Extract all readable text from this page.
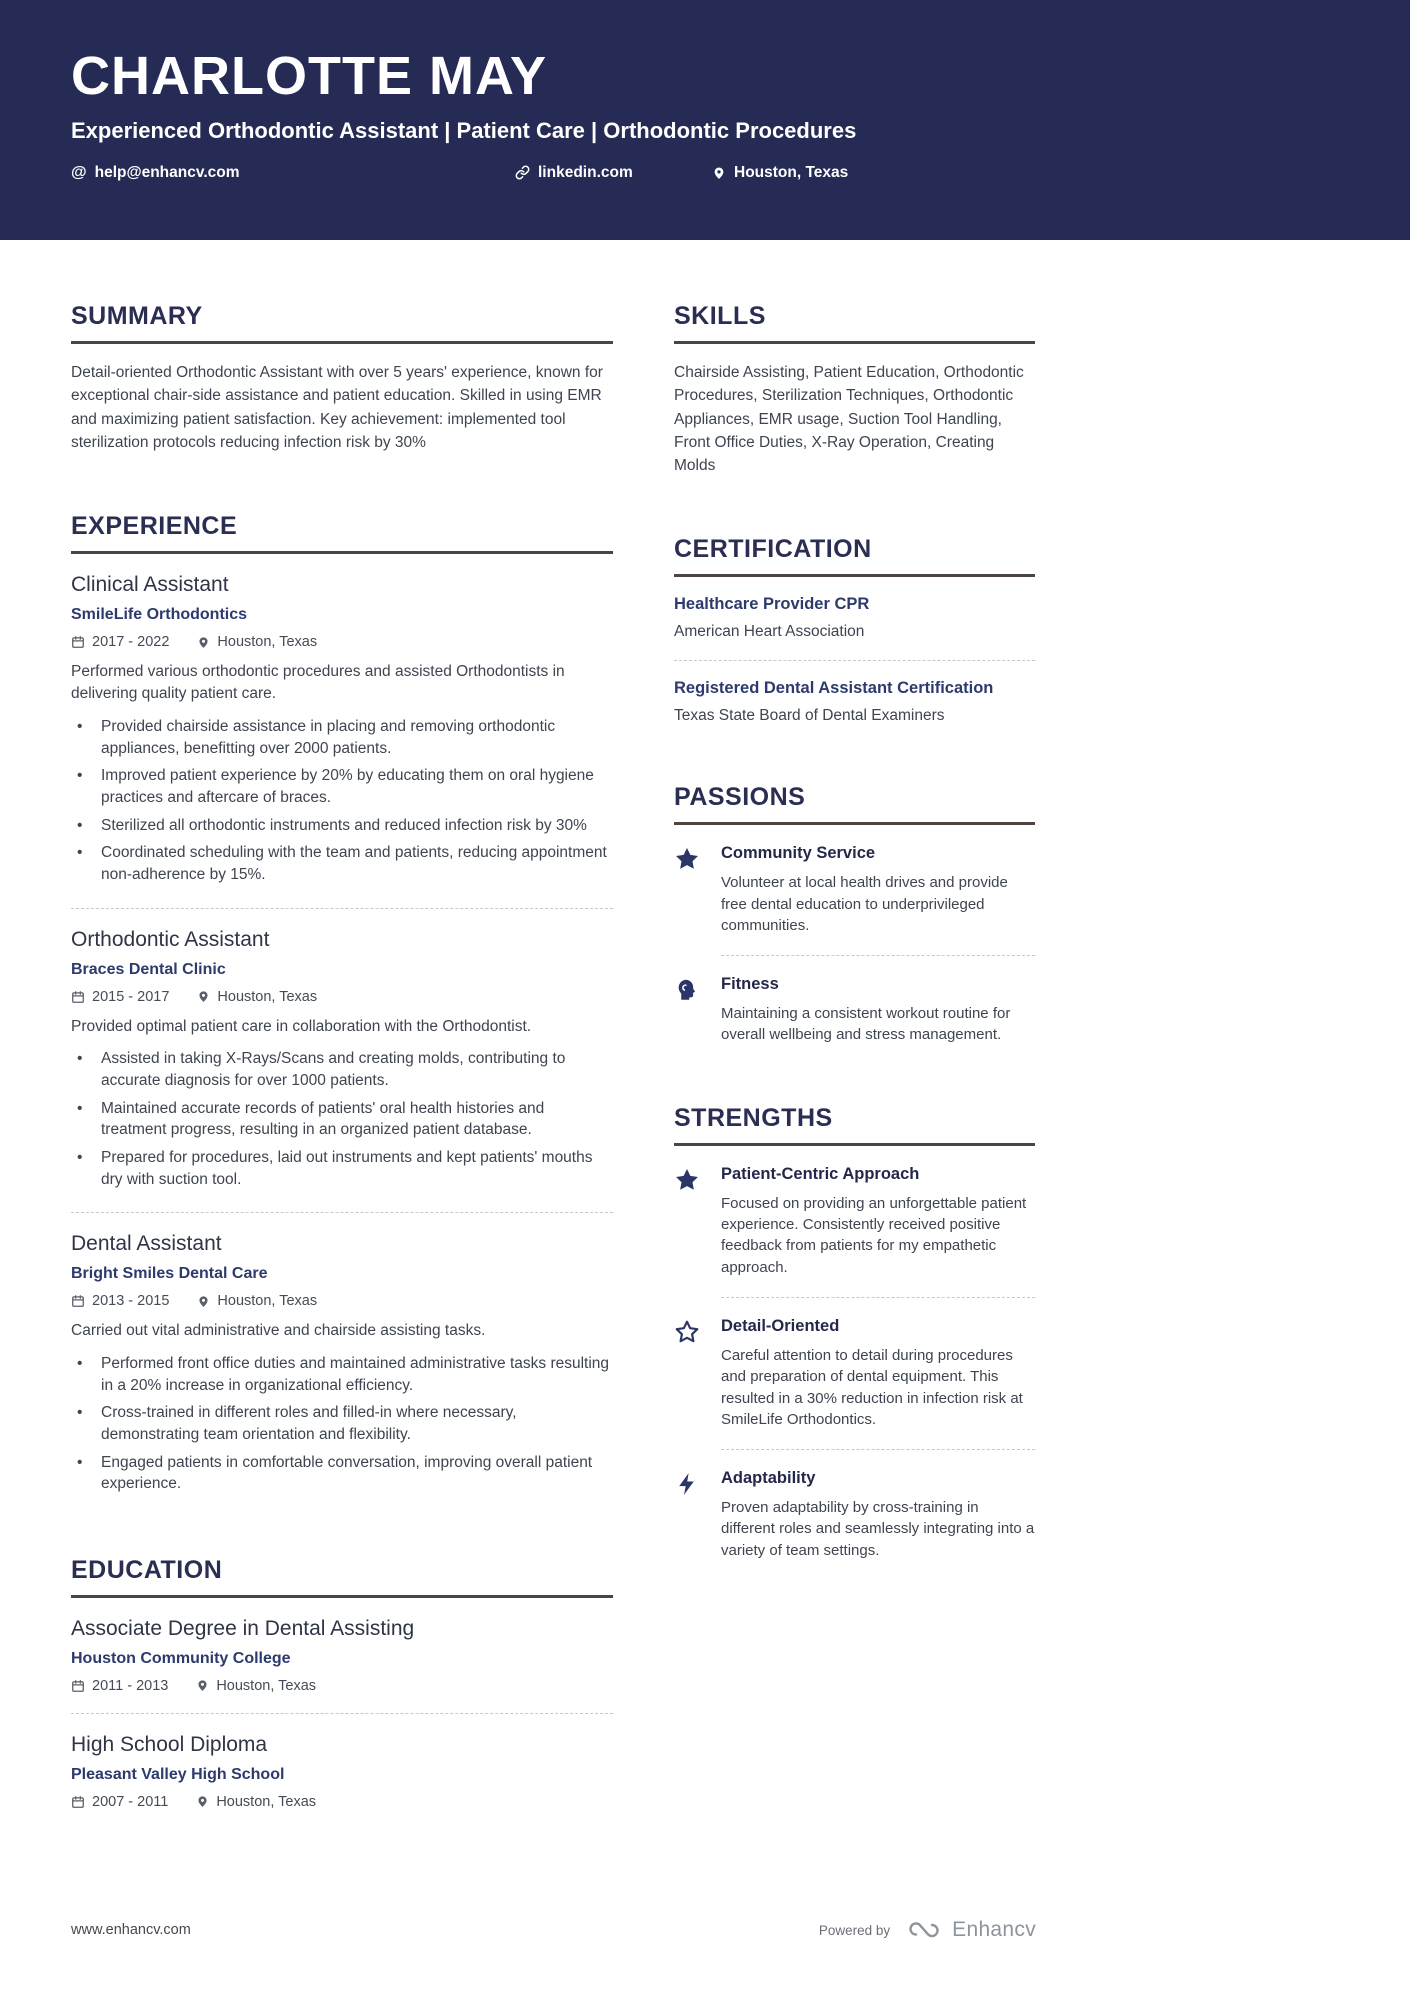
CHARLOTTE MAY
Experienced Orthodontic Assistant | Patient Care | Orthodontic Procedures
@ help@enhancv.com	linkedin.com	Houston, Texas
SUMMARY
Detail-oriented Orthodontic Assistant with over 5 years' experience, known for exceptional chair-side assistance and patient education. Skilled in using EMR and maximizing patient satisfaction. Key achievement: implemented tool sterilization protocols reducing infection risk by 30%
EXPERIENCE
Clinical Assistant
SmileLife Orthodontics
2017 - 2022	Houston, Texas
Performed various orthodontic procedures and assisted Orthodontists in delivering quality patient care.
• Provided chairside assistance in placing and removing orthodontic appliances, benefitting over 2000 patients.
• Improved patient experience by 20% by educating them on oral hygiene practices and aftercare of braces.
• Sterilized all orthodontic instruments and reduced infection risk by 30%
• Coordinated scheduling with the team and patients, reducing appointment non-adherence by 15%.
Orthodontic Assistant
Braces Dental Clinic
2015 - 2017	Houston, Texas
Provided optimal patient care in collaboration with the Orthodontist.
• Assisted in taking X-Rays/Scans and creating molds, contributing to accurate diagnosis for over 1000 patients.
• Maintained accurate records of patients' oral health histories and treatment progress, resulting in an organized patient database.
• Prepared for procedures, laid out instruments and kept patients' mouths dry with suction tool.
Dental Assistant
Bright Smiles Dental Care
2013 - 2015	Houston, Texas
Carried out vital administrative and chairside assisting tasks.
• Performed front office duties and maintained administrative tasks resulting in a 20% increase in organizational efficiency.
• Cross-trained in different roles and filled-in where necessary, demonstrating team orientation and flexibility.
• Engaged patients in comfortable conversation, improving overall patient experience.
EDUCATION
Associate Degree in Dental Assisting
Houston Community College
2011 - 2013	Houston, Texas
High School Diploma
Pleasant Valley High School
2007 - 2011	Houston, Texas
SKILLS
Chairside Assisting, Patient Education, Orthodontic Procedures, Sterilization Techniques, Orthodontic Appliances, EMR usage, Suction Tool Handling, Front Office Duties, X-Ray Operation, Creating Molds
CERTIFICATION
Healthcare Provider CPR
American Heart Association
Registered Dental Assistant Certification
Texas State Board of Dental Examiners
PASSIONS
Community Service
Volunteer at local health drives and provide free dental education to underprivileged communities.
Fitness
Maintaining a consistent workout routine for overall wellbeing and stress management.
STRENGTHS
Patient-Centric Approach
Focused on providing an unforgettable patient experience. Consistently received positive feedback from patients for my empathetic approach.
Detail-Oriented
Careful attention to detail during procedures and preparation of dental equipment. This resulted in a 30% reduction in infection risk at SmileLife Orthodontics.
Adaptability
Proven adaptability by cross-training in different roles and seamlessly integrating into a variety of team settings.
www.enhancv.com	Powered by	Enhancv
